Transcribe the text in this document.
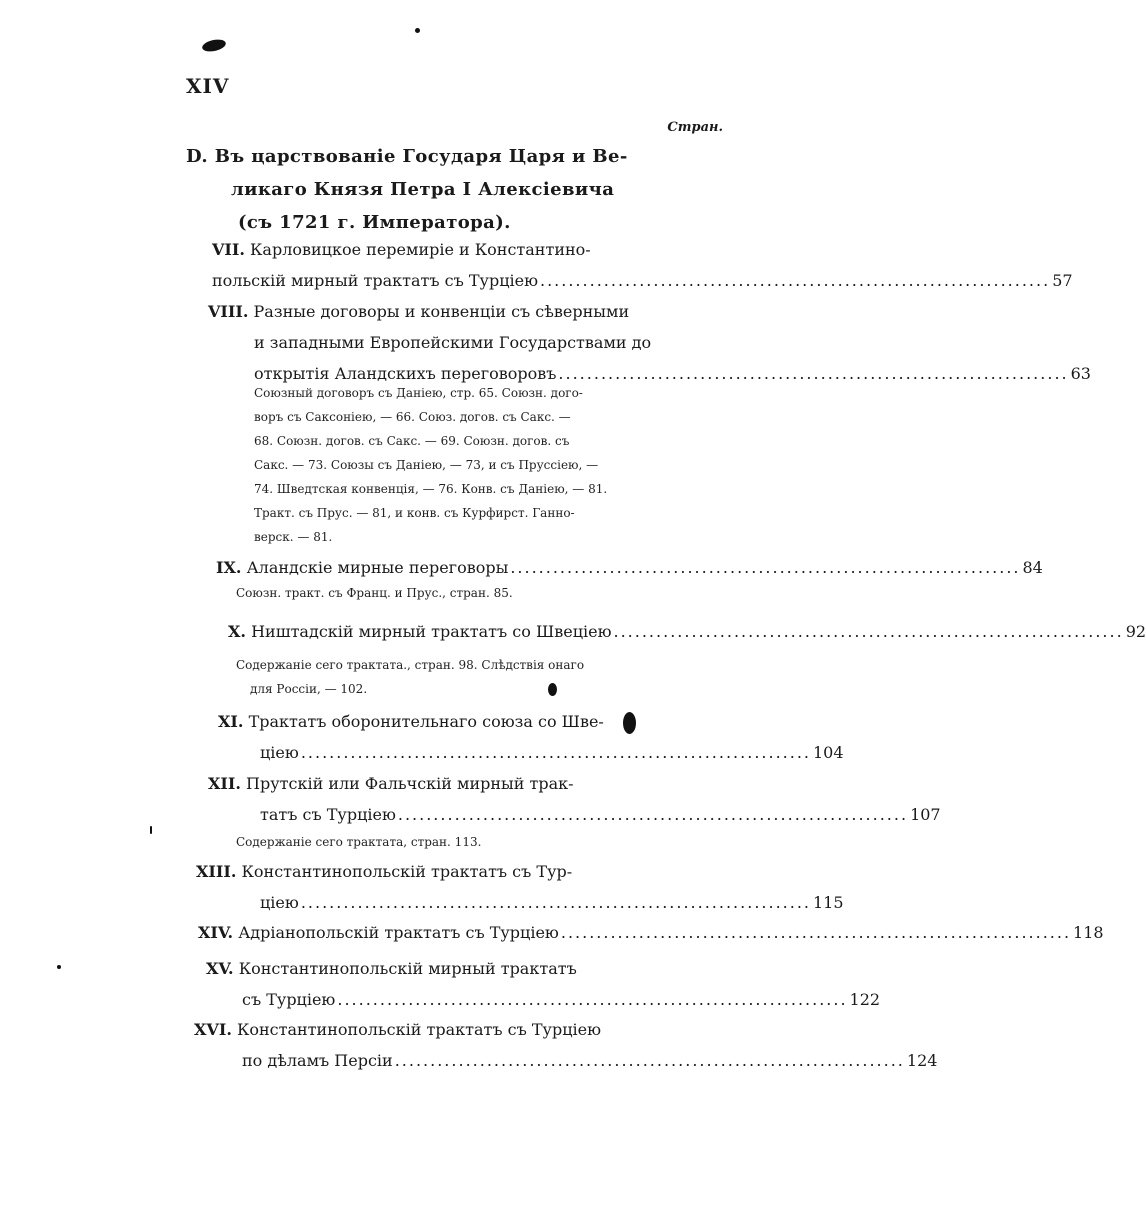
XIV
Стран.
D. Въ царствованіе Государя Царя и Ве-
ликаго Князя Петра I Алексіевича
(съ 1721 г. Императора).
VII. Карловицкое перемиріе и Константино-
польскій мирный трактатъ съ Турціею ........................................................................ 57
VIII. Разные договоры и конвенціи съ сѣверными
и западными Европейскими Государствами до
открытія Аландскихъ переговоровъ ........................................................................ 63
Союзный договоръ съ Даніею, стр. 65. Союзн. дого-
воръ съ Саксоніею, — 66. Союз. догов. съ Сакс. —
68. Союзн. догов. съ Сакс. — 69. Союзн. догов. съ
Сакс. — 73. Союзы съ Даніею, — 73, и съ Пруссіею, —
74. Шведтская конвенція, — 76. Конв. съ Даніею, — 81.
Тракт. съ Прус. — 81, и конв. съ Курфирст. Ганно-
верск. — 81.
IX. Аландскіе мирные переговоры ........................................................................ 84
Союзн. тракт. съ Франц. и Прус., стран. 85.
X. Ништадскій мирный трактатъ со Швеціею ........................................................................ 92
Содержаніе сего трактата., стран. 98. Слѣдствія онаго
для Россіи, — 102.
XI. Трактатъ оборонительнаго союза со Шве-
ціею ........................................................................ 104
XII. Прутскій или Фальчскій мирный трак-
татъ съ Турціею ........................................................................ 107
Содержаніе сего трактата, стран. 113.
XIII. Константинопольскій трактатъ съ Тур-
ціею ........................................................................ 115
XIV. Адріанопольскій трактатъ съ Турціею ........................................................................ 118
XV. Константинопольскій мирный трактатъ
съ Турціею ........................................................................ 122
XVI. Константинопольскій трактатъ съ Турціею
по дѣламъ Персіи ........................................................................ 124
